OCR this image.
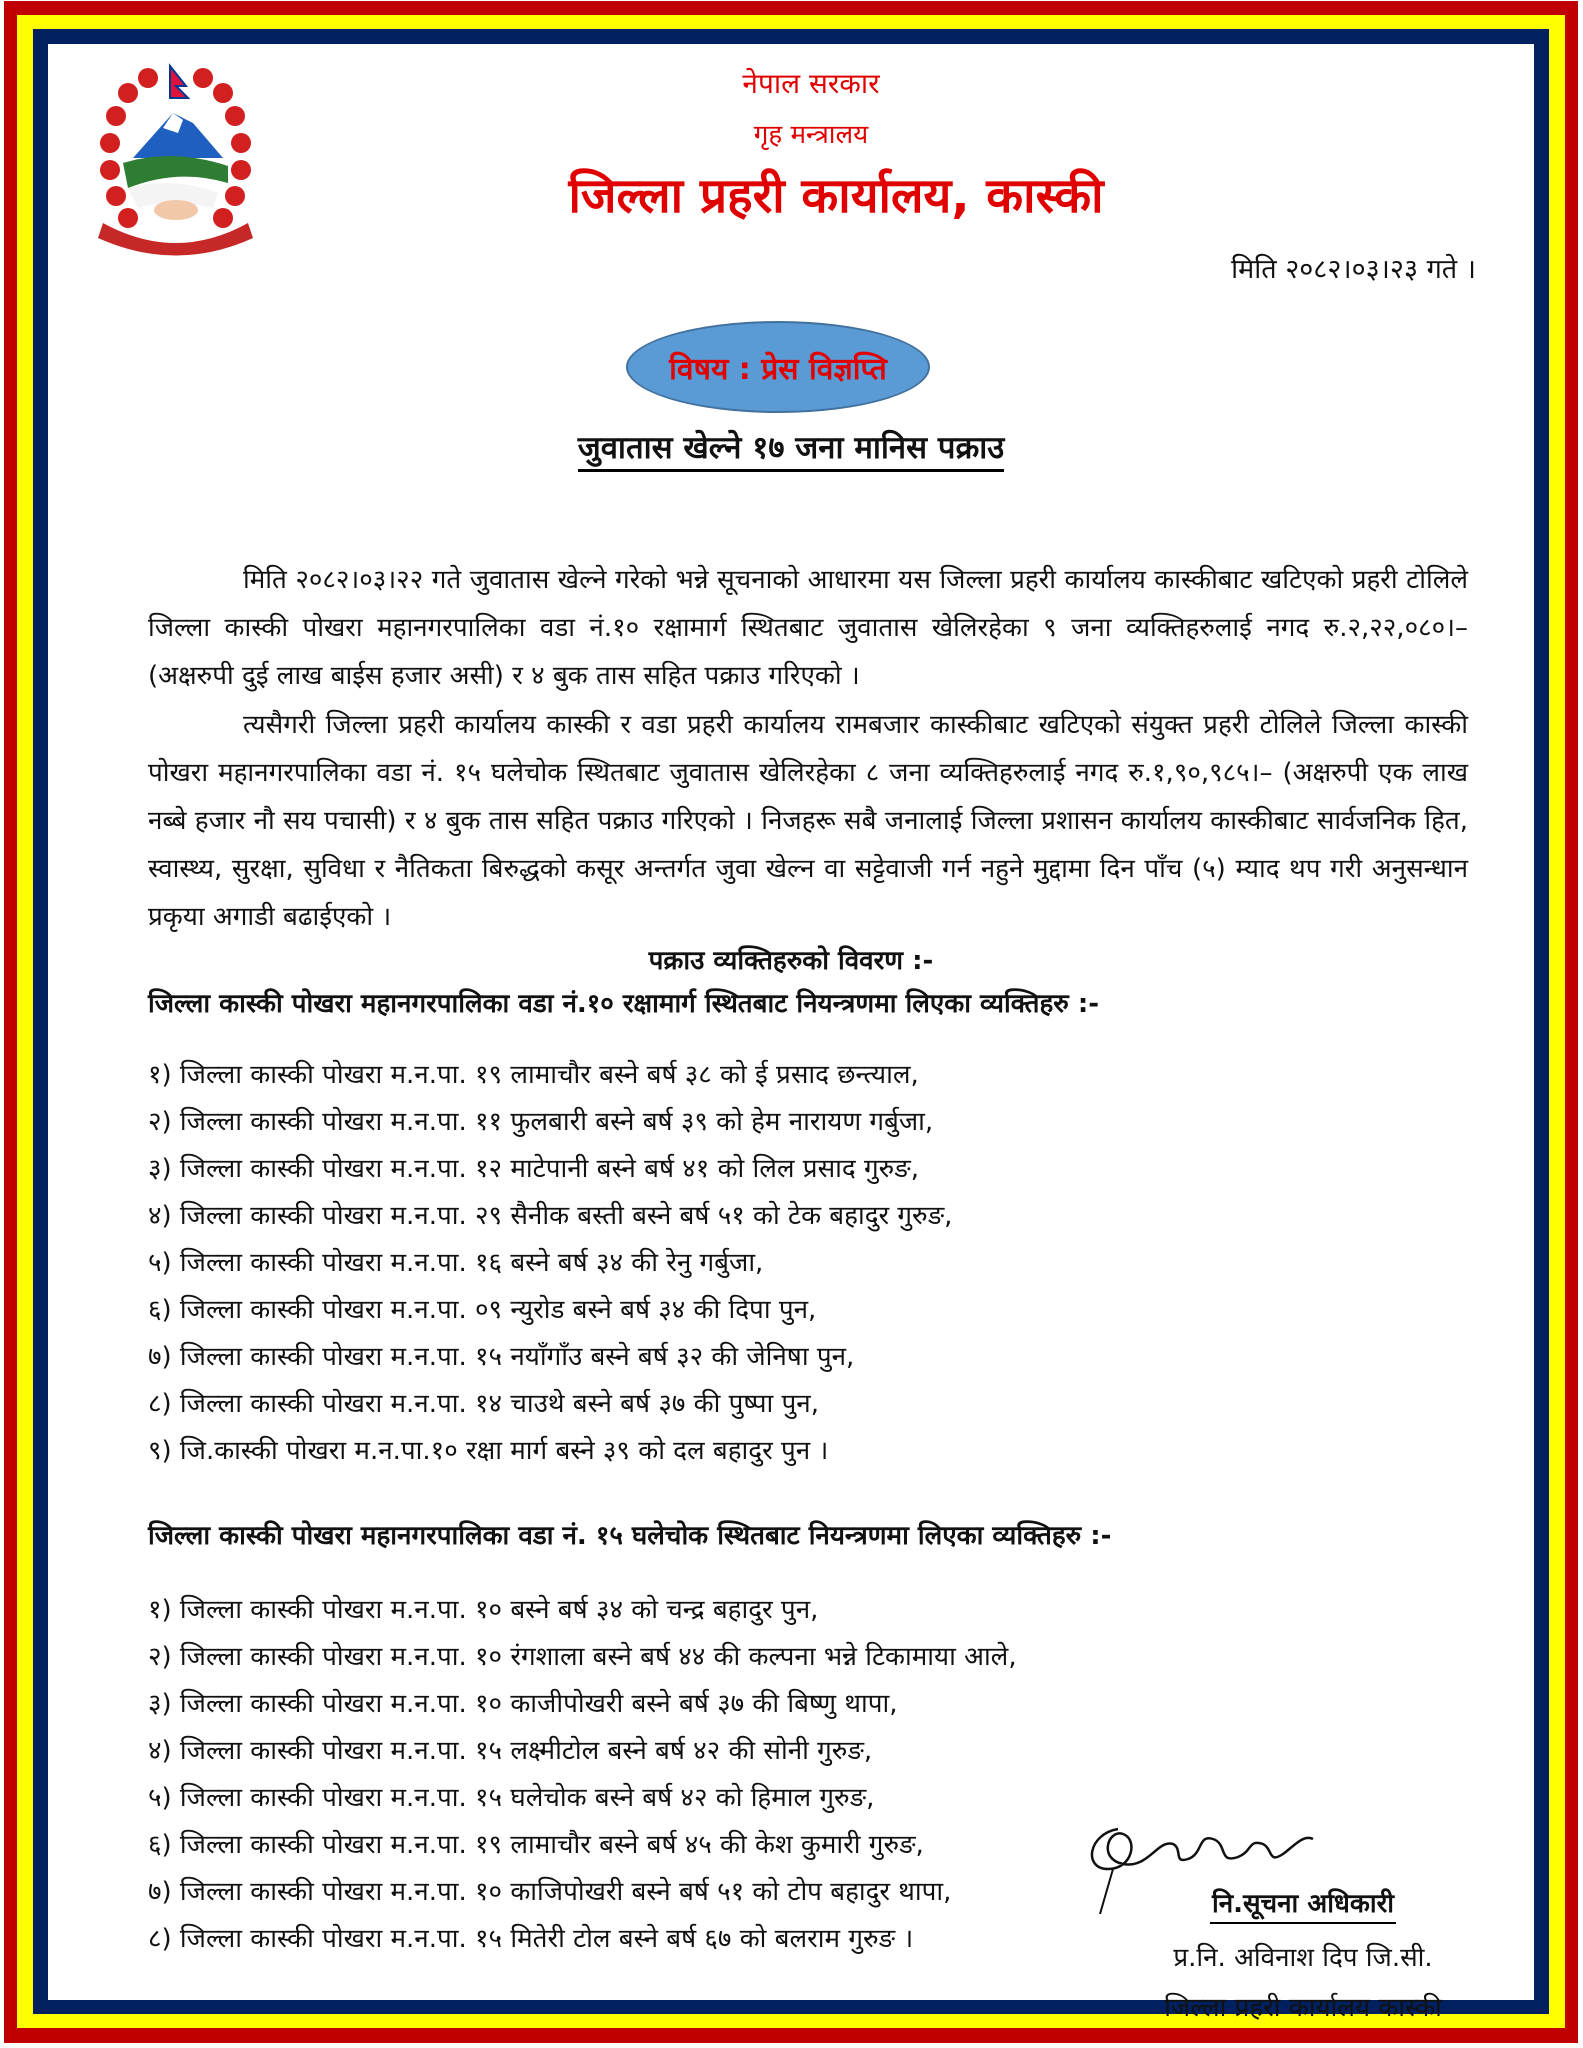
नेपाल सरकार
गृह मन्त्रालय
जिल्ला प्रहरी कार्यालय, कास्की
मिति २०८२।०३।२३ गते ।
विषय : प्रेस विज्ञप्ति
जुवातास खेल्ने १७ जना मानिस पक्राउ

मिति २०८२।०३।२२ गते जुवातास खेल्ने गरेको भन्ने सूचनाको आधारमा यस जिल्ला प्रहरी कार्यालय कास्कीबाट खटिएको प्रहरी टोलिले जिल्ला कास्की पोखरा महानगरपालिका वडा नं.१० रक्षामार्ग स्थितबाट जुवातास खेलिरहेका ९ जना व्यक्तिहरुलाई नगद रु.२,२२,०८०।– (अक्षरुपी दुई लाख बाईस हजार असी) र ४ बुक तास सहित पक्राउ गरिएको ।

त्यसैगरी जिल्ला प्रहरी कार्यालय कास्की र वडा प्रहरी कार्यालय रामबजार कास्कीबाट खटिएको संयुक्त प्रहरी टोलिले जिल्ला कास्की पोखरा महानगरपालिका वडा नं. १५ घलेचोक स्थितबाट जुवातास खेलिरहेका ८ जना व्यक्तिहरुलाई नगद रु.१,९०,९८५।– (अक्षरुपी एक लाख नब्बे हजार नौ सय पचासी) र ४ बुक तास सहित पक्राउ गरिएको । निजहरू सबै जनालाई जिल्ला प्रशासन कार्यालय कास्कीबाट सार्वजनिक हित, स्वास्थ्य, सुरक्षा, सुविधा र नैतिकता बिरुद्धको कसूर अन्तर्गत जुवा खेल्न वा सट्टेवाजी गर्न नहुने मुद्दामा दिन पाँच (५) म्याद थप गरी अनुसन्धान प्रकृया अगाडी बढाईएको ।

पक्राउ व्यक्तिहरुको विवरण :-
जिल्ला कास्की पोखरा महानगरपालिका वडा नं.१० रक्षामार्ग स्थितबाट नियन्त्रणमा लिएका व्यक्तिहरु :-
१) जिल्ला कास्की पोखरा म.न.पा. १९ लामाचौर बस्ने बर्ष ३८ को ई प्रसाद छन्त्याल,
२) जिल्ला कास्की पोखरा म.न.पा. ११ फुलबारी बस्ने बर्ष ३९ को हेम नारायण गर्बुजा,
३) जिल्ला कास्की पोखरा म.न.पा. १२ माटेपानी बस्ने बर्ष ४१ को लिल प्रसाद गुरुङ,
४) जिल्ला कास्की पोखरा म.न.पा. २९ सैनीक बस्ती बस्ने बर्ष ५१ को टेक बहादुर गुरुङ,
५) जिल्ला कास्की पोखरा म.न.पा. १६ बस्ने बर्ष ३४ की रेनु गर्बुजा,
६) जिल्ला कास्की पोखरा म.न.पा. ०९ न्युरोड बस्ने बर्ष ३४ की दिपा पुन,
७) जिल्ला कास्की पोखरा म.न.पा. १५ नयाँगाँउ बस्ने बर्ष ३२ की जेनिषा पुन,
८) जिल्ला कास्की पोखरा म.न.पा. १४ चाउथे बस्ने बर्ष ३७ की पुष्पा पुन,
९) जि.कास्की पोखरा म.न.पा.१० रक्षा मार्ग बस्ने ३९ को दल बहादुर पुन ।
जिल्ला कास्की पोखरा महानगरपालिका वडा नं. १५ घलेचोक स्थितबाट नियन्त्रणमा लिएका व्यक्तिहरु :-
१) जिल्ला कास्की पोखरा म.न.पा. १० बस्ने बर्ष ३४ को चन्द्र बहादुर पुन,
२) जिल्ला कास्की पोखरा म.न.पा. १० रंगशाला बस्ने बर्ष ४४ की कल्पना भन्ने टिकामाया आले,
३) जिल्ला कास्की पोखरा म.न.पा. १० काजीपोखरी बस्ने बर्ष ३७ की बिष्णु थापा,
४) जिल्ला कास्की पोखरा म.न.पा. १५ लक्ष्मीटोल बस्ने बर्ष ४२ की सोनी गुरुङ,
५) जिल्ला कास्की पोखरा म.न.पा. १५ घलेचोक बस्ने बर्ष ४२ को हिमाल गुरुङ,
६) जिल्ला कास्की पोखरा म.न.पा. १९ लामाचौर बस्ने बर्ष ४५ की केश कुमारी गुरुङ,
७) जिल्ला कास्की पोखरा म.न.पा. १० काजिपोखरी बस्ने बर्ष ५१ को टोप बहादुर थापा,
८) जिल्ला कास्की पोखरा म.न.पा. १५ मितेरी टोल बस्ने बर्ष ६७ को बलराम गुरुङ ।
नि.सूचना अधिकारी
प्र.नि. अविनाश दिप जि.सी.
जिल्ला प्रहरी कार्यालय कास्की
